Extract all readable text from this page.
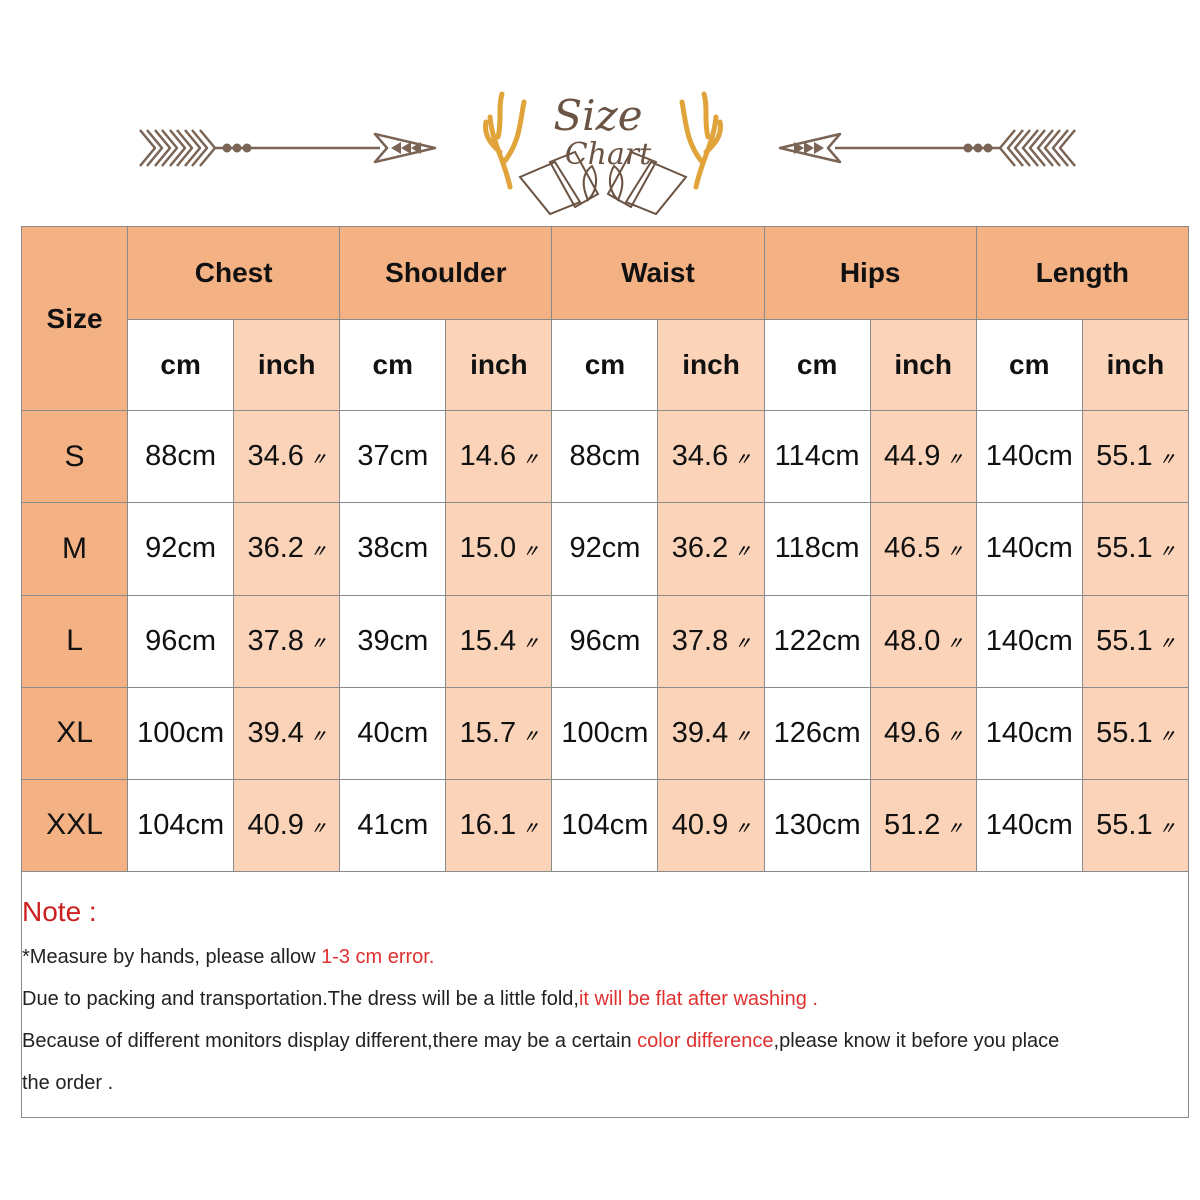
Size
Chart
Size	Chest		Shoulder		Waist		Hips		Length	
	cm	inch	cm	inch	cm	inch	cm	inch	cm	inch
S	88cm	34.6 〃	37cm	14.6 〃	88cm	34.6 〃	114cm	44.9 〃	140cm	55.1 〃
M	92cm	36.2 〃	38cm	15.0 〃	92cm	36.2 〃	118cm	46.5 〃	140cm	55.1 〃
L	96cm	37.8 〃	39cm	15.4 〃	96cm	37.8 〃	122cm	48.0 〃	140cm	55.1 〃
XL	100cm	39.4 〃	40cm	15.7 〃	100cm	39.4 〃	126cm	49.6 〃	140cm	55.1 〃
XXL	104cm	40.9 〃	41cm	16.1 〃	104cm	40.9 〃	130cm	51.2 〃	140cm	55.1 〃
Note :
*Measure by hands, please allow 1-3 cm error.
Due to packing and transportation.The dress will be a little fold,it will be flat after washing .
Because of different monitors display different,there may be a certain color difference,please know it before you place
the order .
